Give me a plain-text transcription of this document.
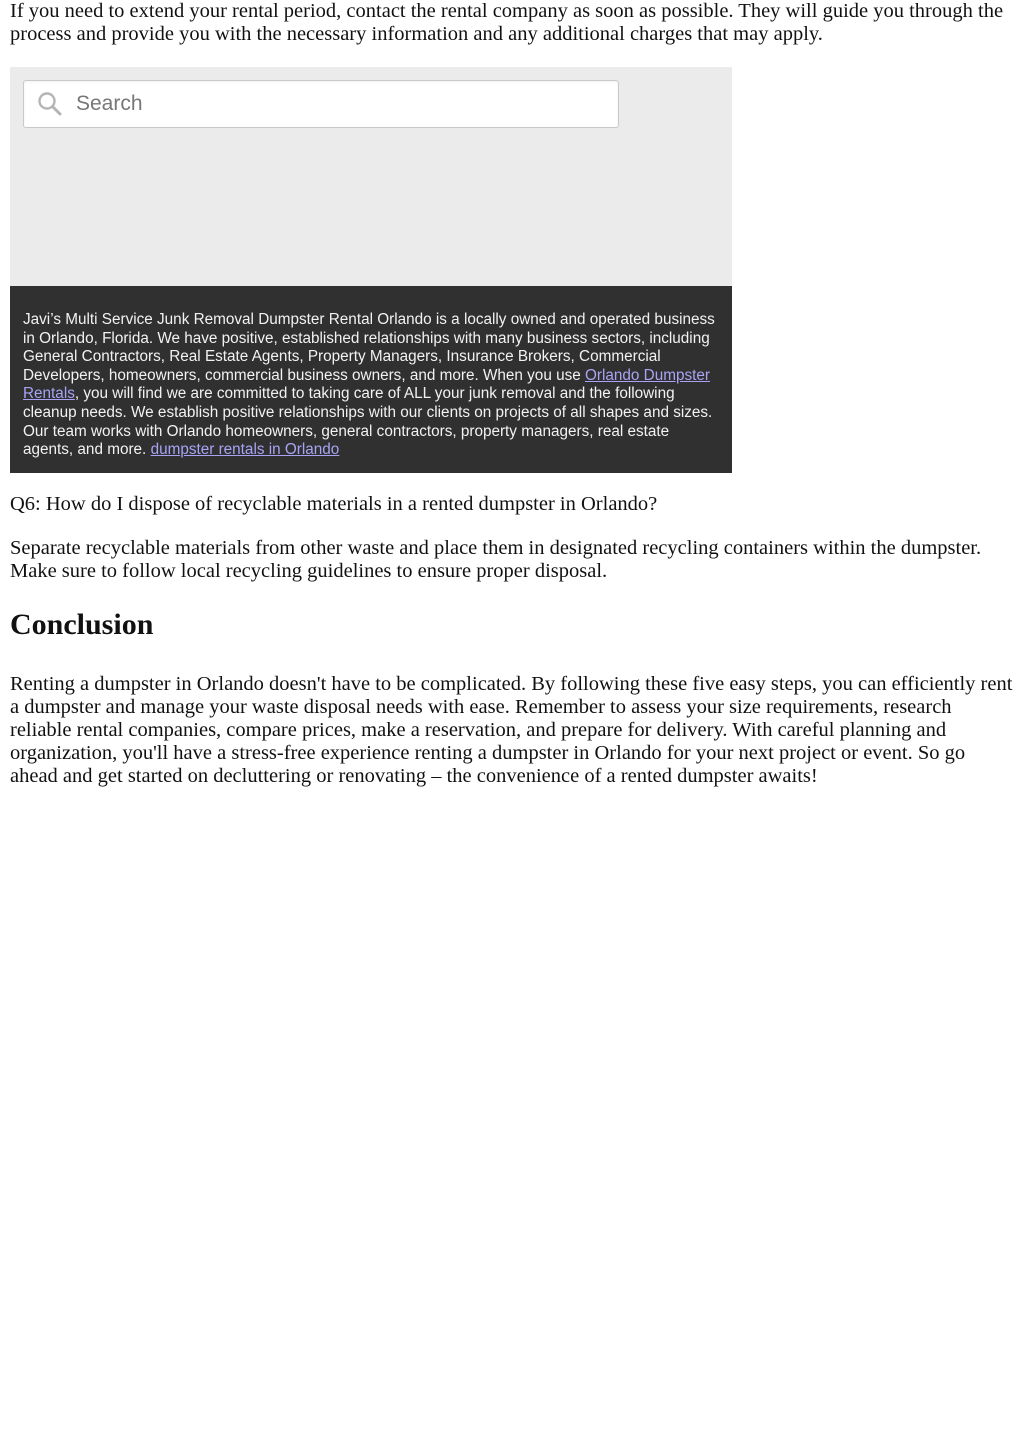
If you need to extend your rental period, contact the rental company as soon as possible. They will guide you through the process and provide you with the necessary information and any additional charges that may apply.

Search
Javi’s Multi Service Junk Removal Dumpster Rental Orlando is a locally owned and operated business in Orlando, Florida. We have positive, established relationships with many business sectors, including General Contractors, Real Estate Agents, Property Managers, Insurance Brokers, Commercial Developers, homeowners, commercial business owners, and more. When you use Orlando Dumpster Rentals, you will find we are committed to taking care of ALL your junk removal and the following cleanup needs. We establish positive relationships with our clients on projects of all shapes and sizes. Our team works with Orlando homeowners, general contractors, property managers, real estate agents, and more. dumpster rentals in Orlando

Q6: How do I dispose of recyclable materials in a rented dumpster in Orlando?

Separate recyclable materials from other waste and place them in designated recycling containers within the dumpster. Make sure to follow local recycling guidelines to ensure proper disposal.

Conclusion

Renting a dumpster in Orlando doesn't have to be complicated. By following these five easy steps, you can efficiently rent a dumpster and manage your waste disposal needs with ease. Remember to assess your size requirements, research reliable rental companies, compare prices, make a reservation, and prepare for delivery. With careful planning and organization, you'll have a stress-free experience renting a dumpster in Orlando for your next project or event. So go ahead and get started on decluttering or renovating – the convenience of a rented dumpster awaits!
